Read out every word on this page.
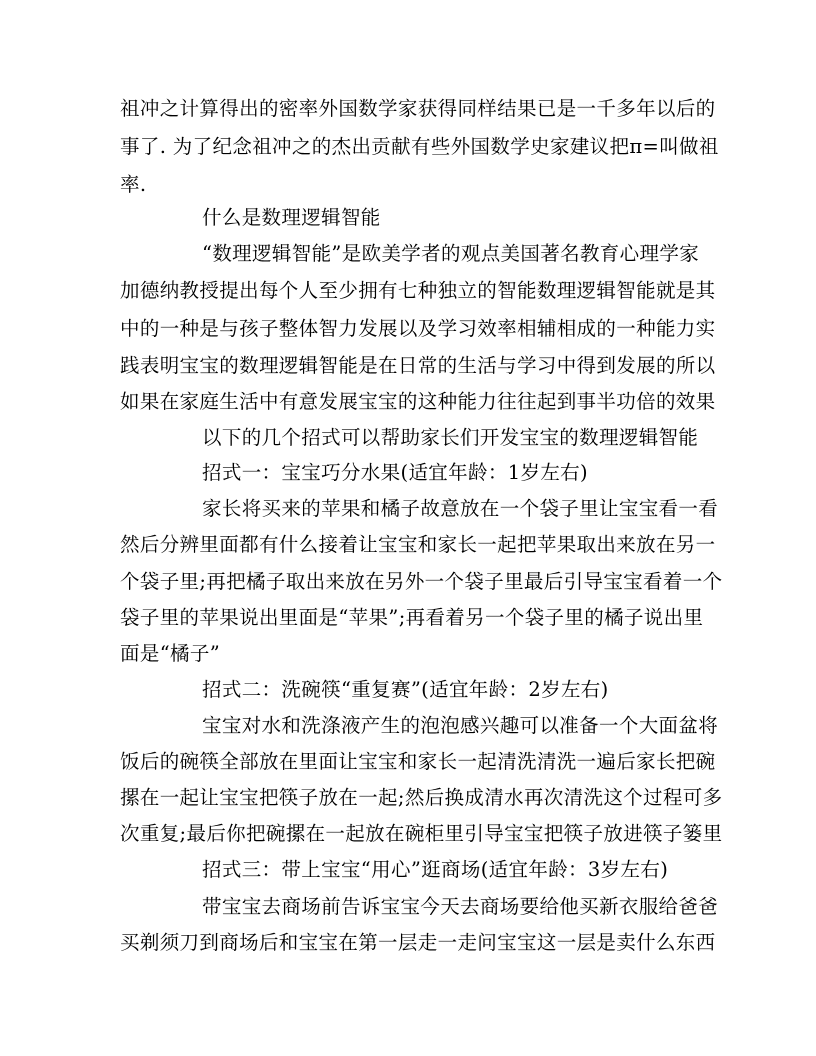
祖冲之计算得出的密率外国数学家获得同样结果已是一千多年以后的
事了. 为了纪念祖冲之的杰出贡献有些外国数学史家建议把π=叫做祖
率.
什么是数理逻辑智能
“数理逻辑智能”是欧美学者的观点美国著名教育心理学家
加德纳教授提出每个人至少拥有七种独立的智能数理逻辑智能就是其
中的一种是与孩子整体智力发展以及学习效率相辅相成的一种能力实
践表明宝宝的数理逻辑智能是在日常的生活与学习中得到发展的所以
如果在家庭生活中有意发展宝宝的这种能力往往起到事半功倍的效果
以下的几个招式可以帮助家长们开发宝宝的数理逻辑智能
招式一：宝宝巧分水果(适宜年龄：1岁左右)
家长将买来的苹果和橘子故意放在一个袋子里让宝宝看一看
然后分辨里面都有什么接着让宝宝和家长一起把苹果取出来放在另一
个袋子里;再把橘子取出来放在另外一个袋子里最后引导宝宝看着一个
袋子里的苹果说出里面是“苹果”;再看着另一个袋子里的橘子说出里
面是“橘子”
招式二：洗碗筷“重复赛”(适宜年龄：2岁左右)
宝宝对水和洗涤液产生的泡泡感兴趣可以准备一个大面盆将
饭后的碗筷全部放在里面让宝宝和家长一起清洗清洗一遍后家长把碗
摞在一起让宝宝把筷子放在一起;然后换成清水再次清洗这个过程可多
次重复;最后你把碗摞在一起放在碗柜里引导宝宝把筷子放进筷子篓里
招式三：带上宝宝“用心”逛商场(适宜年龄：3岁左右)
带宝宝去商场前告诉宝宝今天去商场要给他买新衣服给爸爸
买剃须刀到商场后和宝宝在第一层走一走问宝宝这一层是卖什么东西
